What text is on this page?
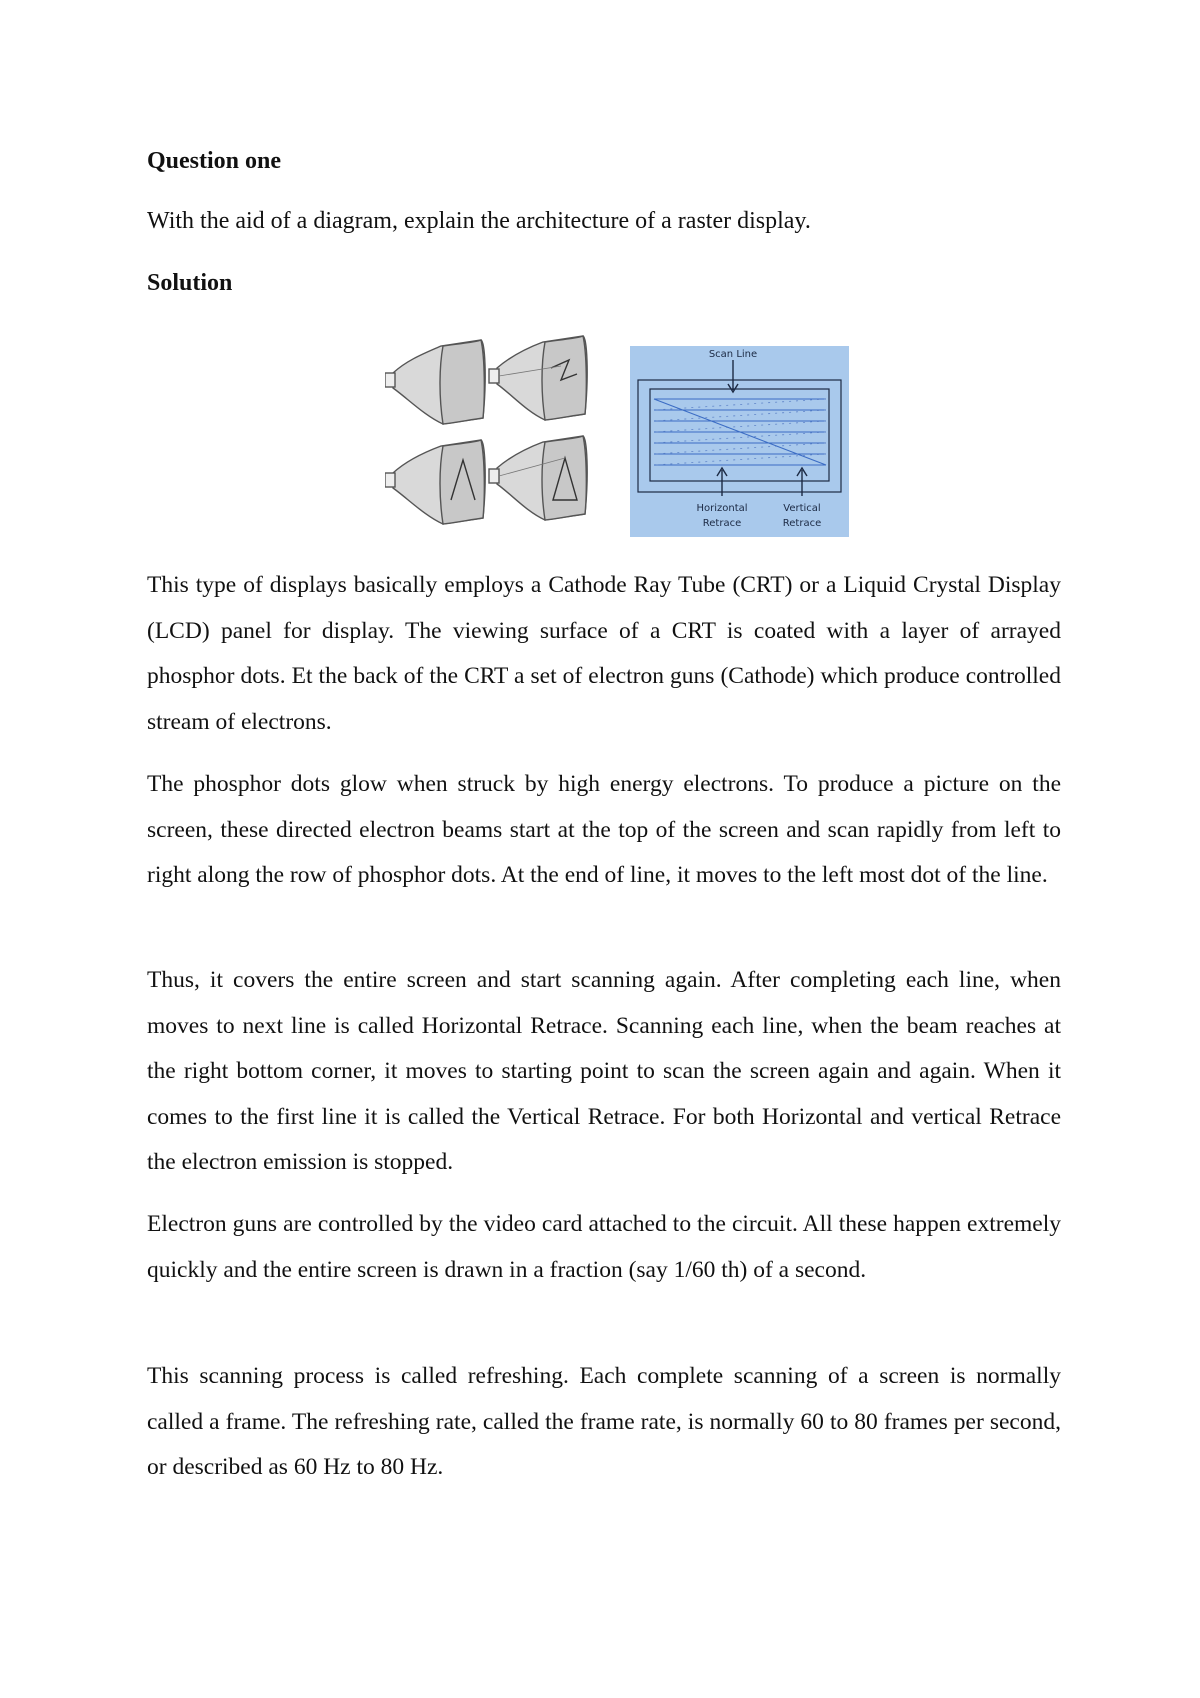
Question one

With the aid of a diagram, explain the architecture of a raster display.

Solution
Scan Line
Horizontal
Retrace
Vertical
Retrace

This type of displays basically employs a Cathode Ray Tube (CRT) or a Liquid Crystal Display (LCD) panel for display. The viewing surface of a CRT is coated with a layer of arrayed phosphor dots. Et the back of the CRT a set of electron guns (Cathode) which produce controlled stream of electrons.

The phosphor dots glow when struck by high energy electrons. To produce a picture on the screen, these directed electron beams start at the top of the screen and scan rapidly from left to right along the row of phosphor dots. At the end of line, it moves to the left most dot of the line.

Thus, it covers the entire screen and start scanning again. After completing each line, when moves to next line is called Horizontal Retrace. Scanning each line, when the beam reaches at the right bottom corner, it moves to starting point to scan the screen again and again. When it comes to the first line it is called the Vertical Retrace. For both Horizontal and vertical Retrace the electron emission is stopped.

Electron guns are controlled by the video card attached to the circuit. All these happen extremely quickly and the entire screen is drawn in a fraction (say 1/60 th) of a second.

This scanning process is called refreshing. Each complete scanning of a screen is normally called a frame. The refreshing rate, called the frame rate, is normally 60 to 80 frames per second, or described as 60 Hz to 80 Hz.
